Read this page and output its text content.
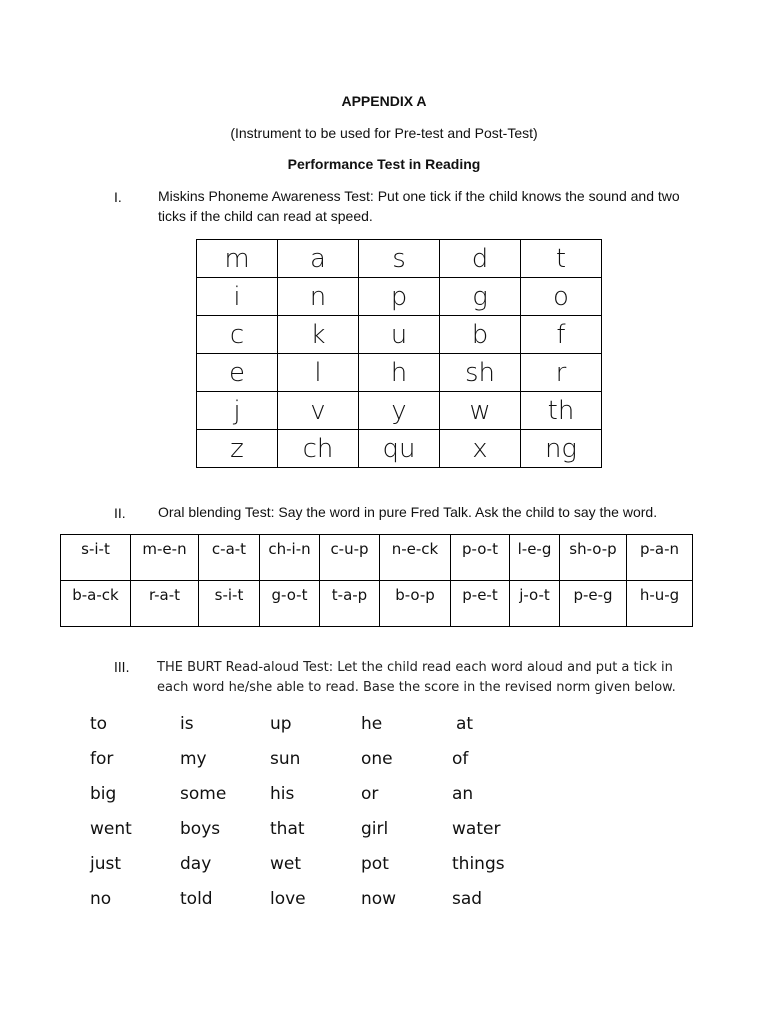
APPENDIX A
(Instrument to be used for Pre-test and Post-Test)
Performance Test in Reading
I.	Miskins Phoneme Awareness Test: Put one tick if the child knows the sound and two
ticks if the child can read at speed.
m	a	s	d	t
i	n	p	g	o
c	k	u	b	f
e	l	h	sh	r
j	v	y	w	th
z	ch	qu	x	ng
II. Oral blending Test: Say the word in pure Fred Talk. Ask the child to say the word.
s-i-t	m-e-n	c-a-t	ch-i-n	c-u-p	n-e-ck	p-o-t	l-e-g	sh-o-p	p-a-n
b-a-ck	r-a-t	s-i-t	g-o-t	t-a-p	b-o-p	p-e-t	j-o-t	p-e-g	h-u-g
III. THE BURT Read-aloud Test: Let the child read each word aloud and put a tick in
each word he/she able to read. Base the score in the revised norm given below.
to	is	up	he	at
for	my	sun	one	of
big	some	his	or	an
went	boys	that	girl	water
just	day	wet	pot	things
no	told	love	now	sad
